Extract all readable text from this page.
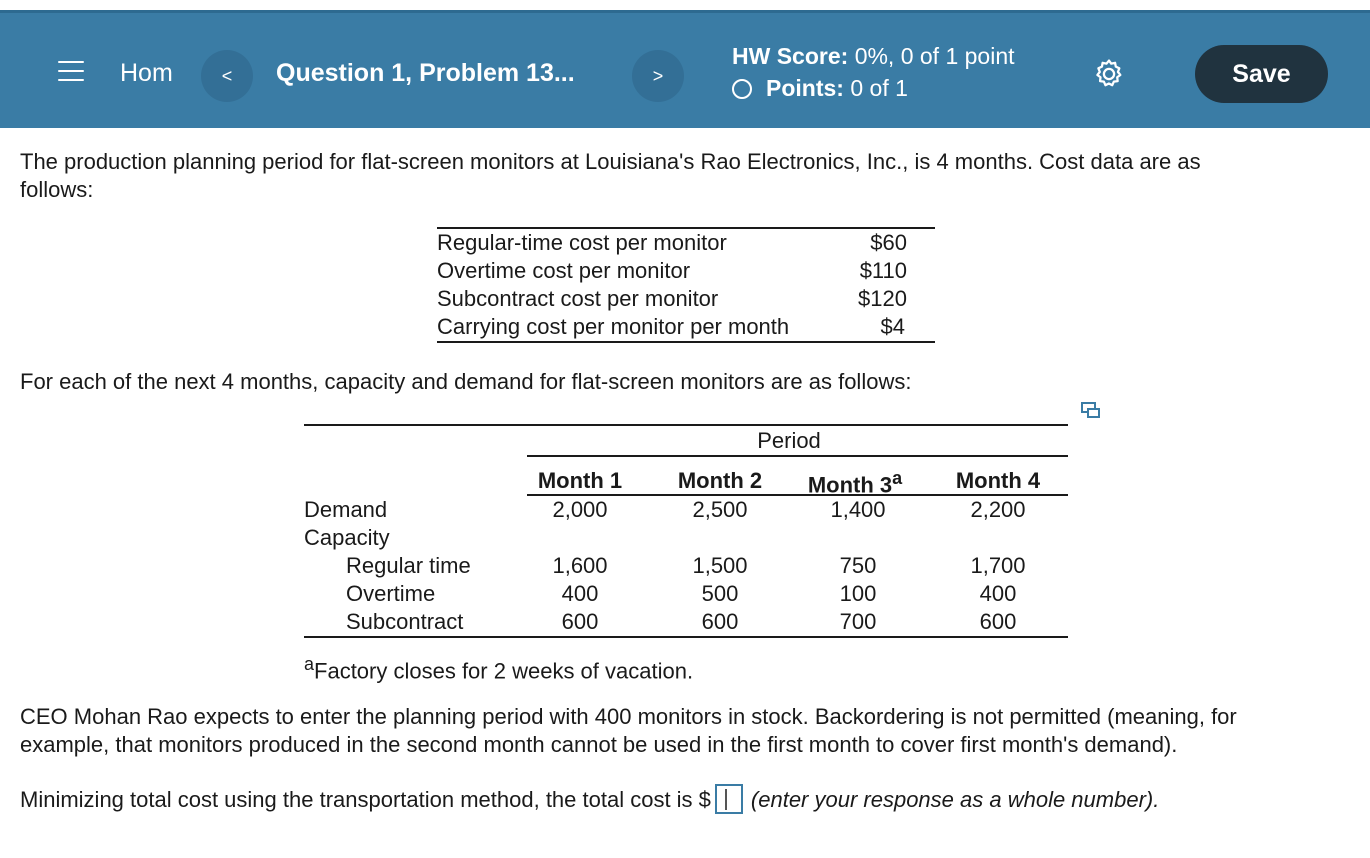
Hom	<	Question 1, Problem 13...	>
HW Score: 0%, 0 of 1 point
Points: 0 of 1	Save
The production planning period for flat-screen monitors at Louisiana's Rao Electronics, Inc., is 4 months. Cost data are as
follows:
Regular-time cost per monitor	$60
Overtime cost per monitor	$110
Subcontract cost per monitor	$120
Carrying cost per monitor per month	$4
For each of the next 4 months, capacity and demand for flat-screen monitors are as follows:
Period
Month 1	Month 2	Month 3$^a$	Month 4
Demand	2,000	2,500	1,400	2,200
Capacity
Regular time	1,600	1,500	750	1,700
Overtime	400	500	100	400
Subcontract	600	600	700	600
$^a$Factory closes for 2 weeks of vacation.
CEO Mohan Rao expects to enter the planning period with 400 monitors in stock. Backordering is not permitted (meaning, for
example, that monitors produced in the second month cannot be used in the first month to cover first month's demand).
Minimizing total cost using the transportation method, the total cost is $ (enter your response as a whole number).
